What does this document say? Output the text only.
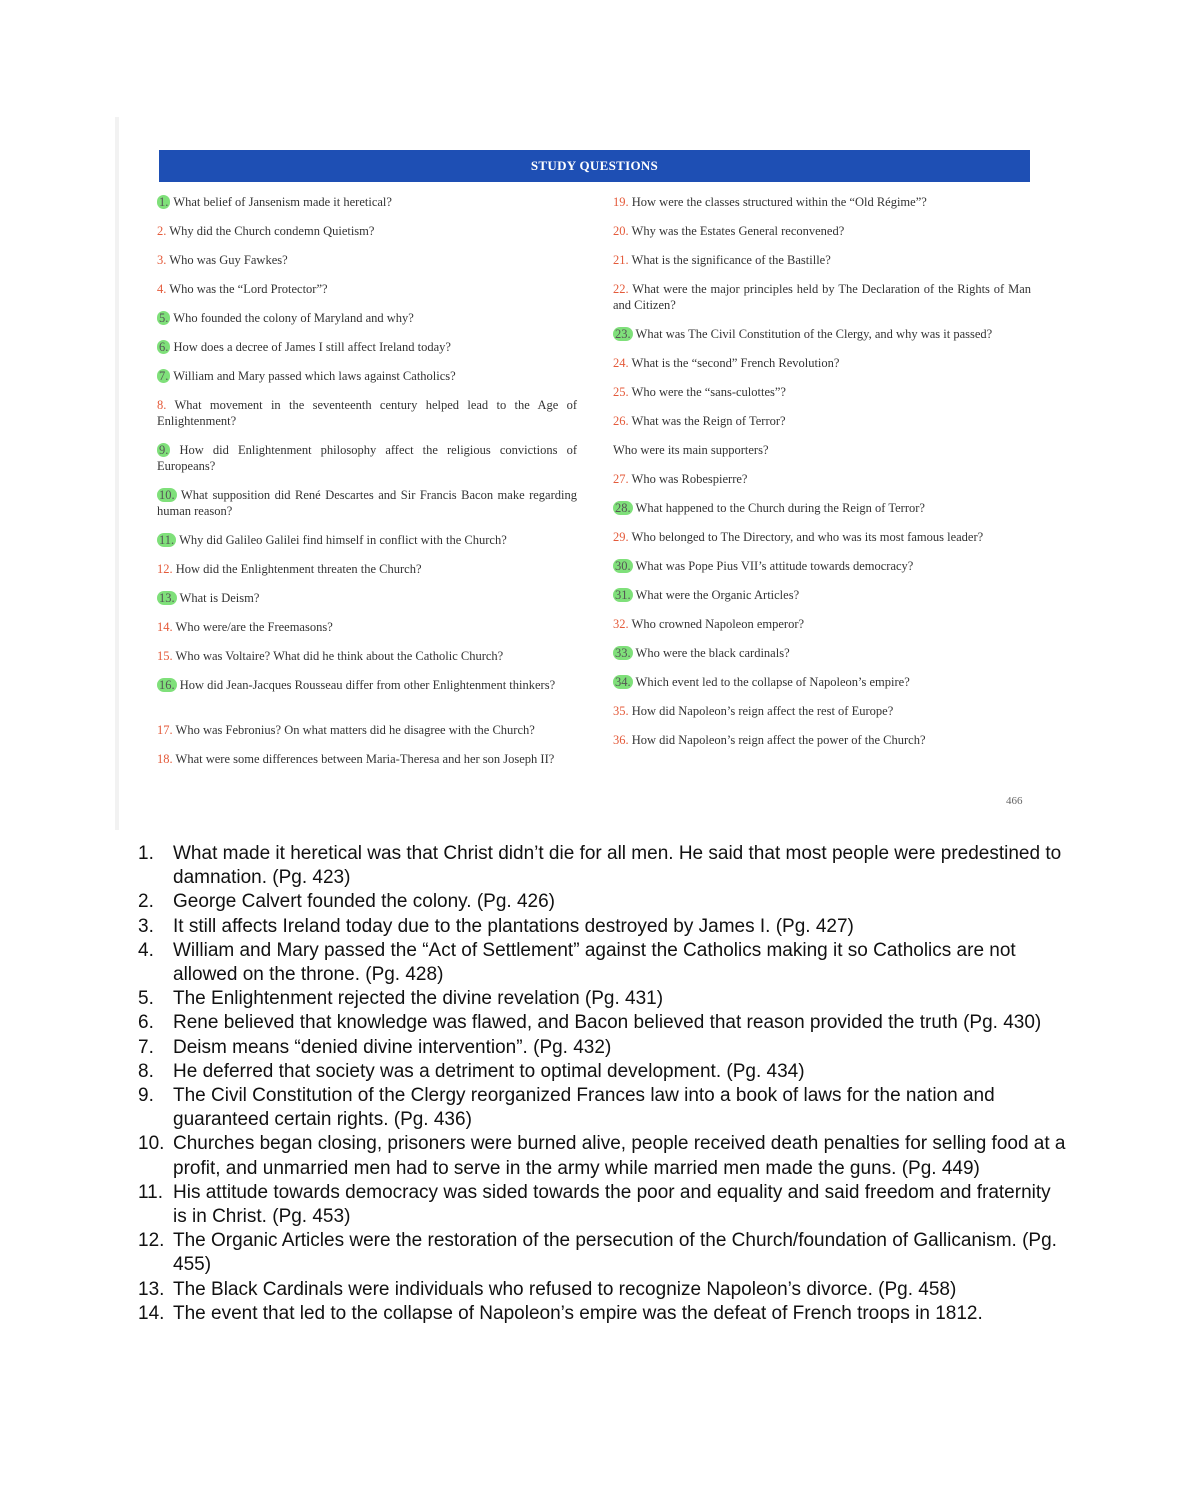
STUDY QUESTIONS
1. What belief of Jansenism made it heretical?
2. Why did the Church condemn Quietism?
3. Who was Guy Fawkes?
4. Who was the “Lord Protector”?
5. Who founded the colony of Maryland and why?
6. How does a decree of James I still affect Ireland today?
7. William and Mary passed which laws against Catholics?
8. What movement in the seventeenth century helped lead to the Age of Enlightenment?
9. How did Enlightenment philosophy affect the religious convictions of Europeans?
10. What supposition did René Descartes and Sir Francis Bacon make regarding human reason?
11. Why did Galileo Galilei find himself in conflict with the Church?
12. How did the Enlightenment threaten the Church?
13. What is Deism?
14. Who were/are the Freemasons?
15. Who was Voltaire? What did he think about the Catholic Church?
16. How did Jean-Jacques Rousseau differ from other Enlightenment thinkers?
17. Who was Febronius? On what matters did he disagree with the Church?
18. What were some differences between Maria-Theresa and her son Joseph II?
19. How were the classes structured within the “Old Régime”?
20. Why was the Estates General reconvened?
21. What is the significance of the Bastille?
22. What were the major principles held by The Declaration of the Rights of Man and Citizen?
23. What was The Civil Constitution of the Clergy, and why was it passed?
24. What is the “second” French Revolution?
25. Who were the “sans-culottes”?
26. What was the Reign of Terror?
Who were its main supporters?
27. Who was Robespierre?
28. What happened to the Church during the Reign of Terror?
29. Who belonged to The Directory, and who was its most famous leader?
30. What was Pope Pius VII’s attitude towards democracy?
31. What were the Organic Articles?
32. Who crowned Napoleon emperor?
33. Who were the black cardinals?
34. Which event led to the collapse of Napoleon’s empire?
35. How did Napoleon’s reign affect the rest of Europe?
36. How did Napoleon’s reign affect the power of the Church?
466
1. What made it heretical was that Christ didn’t die for all men. He said that most people were predestined to damnation. (Pg. 423)
2. George Calvert founded the colony. (Pg. 426)
3. It still affects Ireland today due to the plantations destroyed by James I. (Pg. 427)
4. William and Mary passed the “Act of Settlement” against the Catholics making it so Catholics are not allowed on the throne. (Pg. 428)
5. The Enlightenment rejected the divine revelation (Pg. 431)
6. Rene believed that knowledge was flawed, and Bacon believed that reason provided the truth (Pg. 430)
7. Deism means “denied divine intervention”. (Pg. 432)
8. He deferred that society was a detriment to optimal development. (Pg. 434)
9. The Civil Constitution of the Clergy reorganized Frances law into a book of laws for the nation and guaranteed certain rights. (Pg. 436)
10. Churches began closing, prisoners were burned alive, people received death penalties for selling food at a profit, and unmarried men had to serve in the army while married men made the guns. (Pg. 449)
11. His attitude towards democracy was sided towards the poor and equality and said freedom and fraternity is in Christ. (Pg. 453)
12. The Organic Articles were the restoration of the persecution of the Church/foundation of Gallicanism. (Pg. 455)
13. The Black Cardinals were individuals who refused to recognize Napoleon’s divorce. (Pg. 458)
14. The event that led to the collapse of Napoleon’s empire was the defeat of French troops in 1812.
